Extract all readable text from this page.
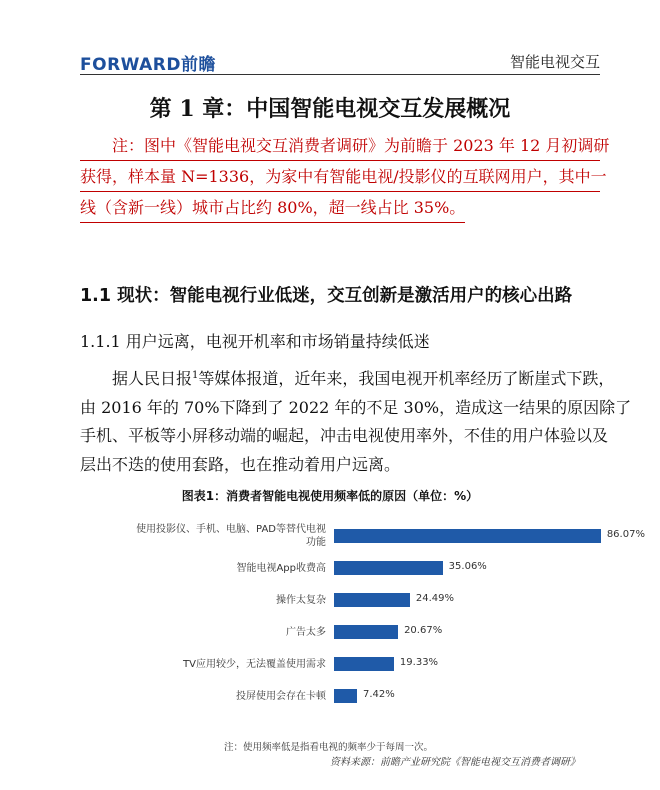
FORWARD前瞻	智能电视交互
第 1 章：中国智能电视交互发展概况
注：图中《智能电视交互消费者调研》为前瞻于 2023 年 12 月初调研
获得，样本量 N=1336，为家中有智能电视/投影仪的互联网用户，其中一
线（含新一线）城市占比约 80%，超一线占比 35%。
1.1 现状：智能电视行业低迷，交互创新是激活用户的核心出路
1.1.1 用户远离，电视开机率和市场销量持续低迷
据人民日报$^1$等媒体报道，近年来，我国电视开机率经历了断崖式下跌，
由 2016 年的 70%下降到了 2022 年的不足 30%，造成这一结果的原因除了
手机、平板等小屏移动端的崛起，冲击电视使用率外，不佳的用户体验以及
层出不迭的使用套路，也在推动着用户远离。
图表1：消费者智能电视使用频率低的原因（单位：%）
使用投影仪、手机、电脑、PAD等替代电视
功能
86.07%
智能电视App收费高	35.06%
操作太复杂	24.49%
广告太多	20.67%
TV应用较少，无法覆盖使用需求	19.33%
投屏使用会存在卡顿	7.42%
注：使用频率低是指看电视的频率少于每周一次。
资料来源：前瞻产业研究院《智能电视交互消费者调研》
